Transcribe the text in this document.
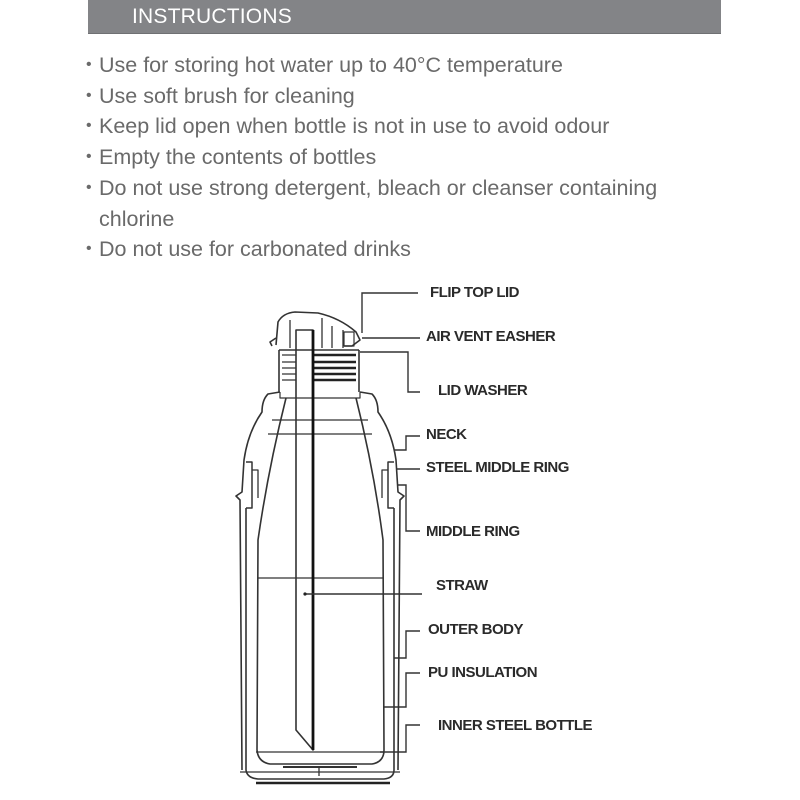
INSTRUCTIONS
• Use for storing hot water up to 40°C temperature
• Use soft brush for cleaning
• Keep lid open when bottle is not in use to avoid odour
• Empty the contents of bottles
• Do not use strong detergent, bleach or cleanser containing
chlorine
• Do not use for carbonated drinks
FLIP TOP LID
AIR VENT EASHER
LID WASHER
NECK
STEEL MIDDLE RING
MIDDLE RING
STRAW
OUTER BODY
PU INSULATION
INNER STEEL BOTTLE
